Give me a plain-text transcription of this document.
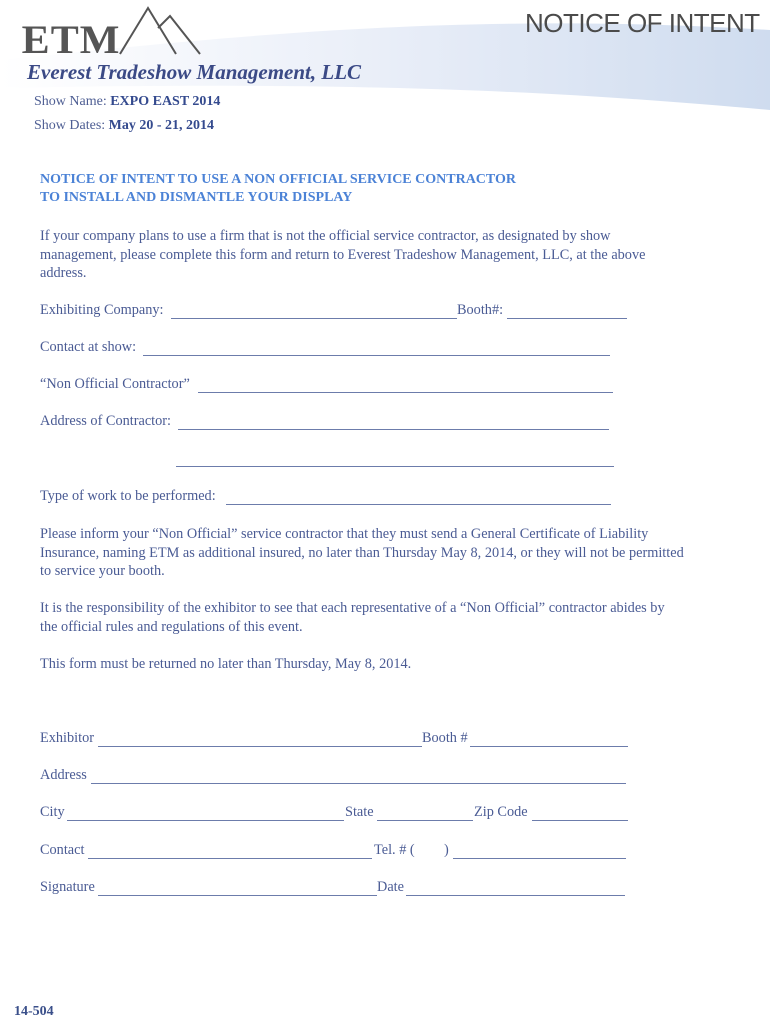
ETM
Everest Tradeshow Management, LLC
NOTICE OF INTENT
Show Name: EXPO EAST 2014
Show Dates: May 20 - 21, 2014
NOTICE OF INTENT TO USE A NON OFFICIAL SERVICE CONTRACTOR
TO INSTALL AND DISMANTLE YOUR DISPLAY
If your company plans to use a firm that is not the official service contractor, as designated by show
management, please complete this form and return to Everest Tradeshow Management, LLC, at the above
address.
Exhibiting Company:	Booth#:
Contact at show:
“Non Official Contractor”
Address of Contractor:
Type of work to be performed:
Please inform your “Non Official” service contractor that they must send a General Certificate of Liability
Insurance, naming ETM as additional insured, no later than Thursday May 8, 2014, or they will not be permitted
to service your booth.
It is the responsibility of the exhibitor to see that each representative of a “Non Official” contractor abides by
the official rules and regulations of this event.
This form must be returned no later than Thursday, May 8, 2014.
Exhibitor	Booth #
Address
City	State	Zip Code
Contact	Tel. # ( )
Signature	Date
14-504
